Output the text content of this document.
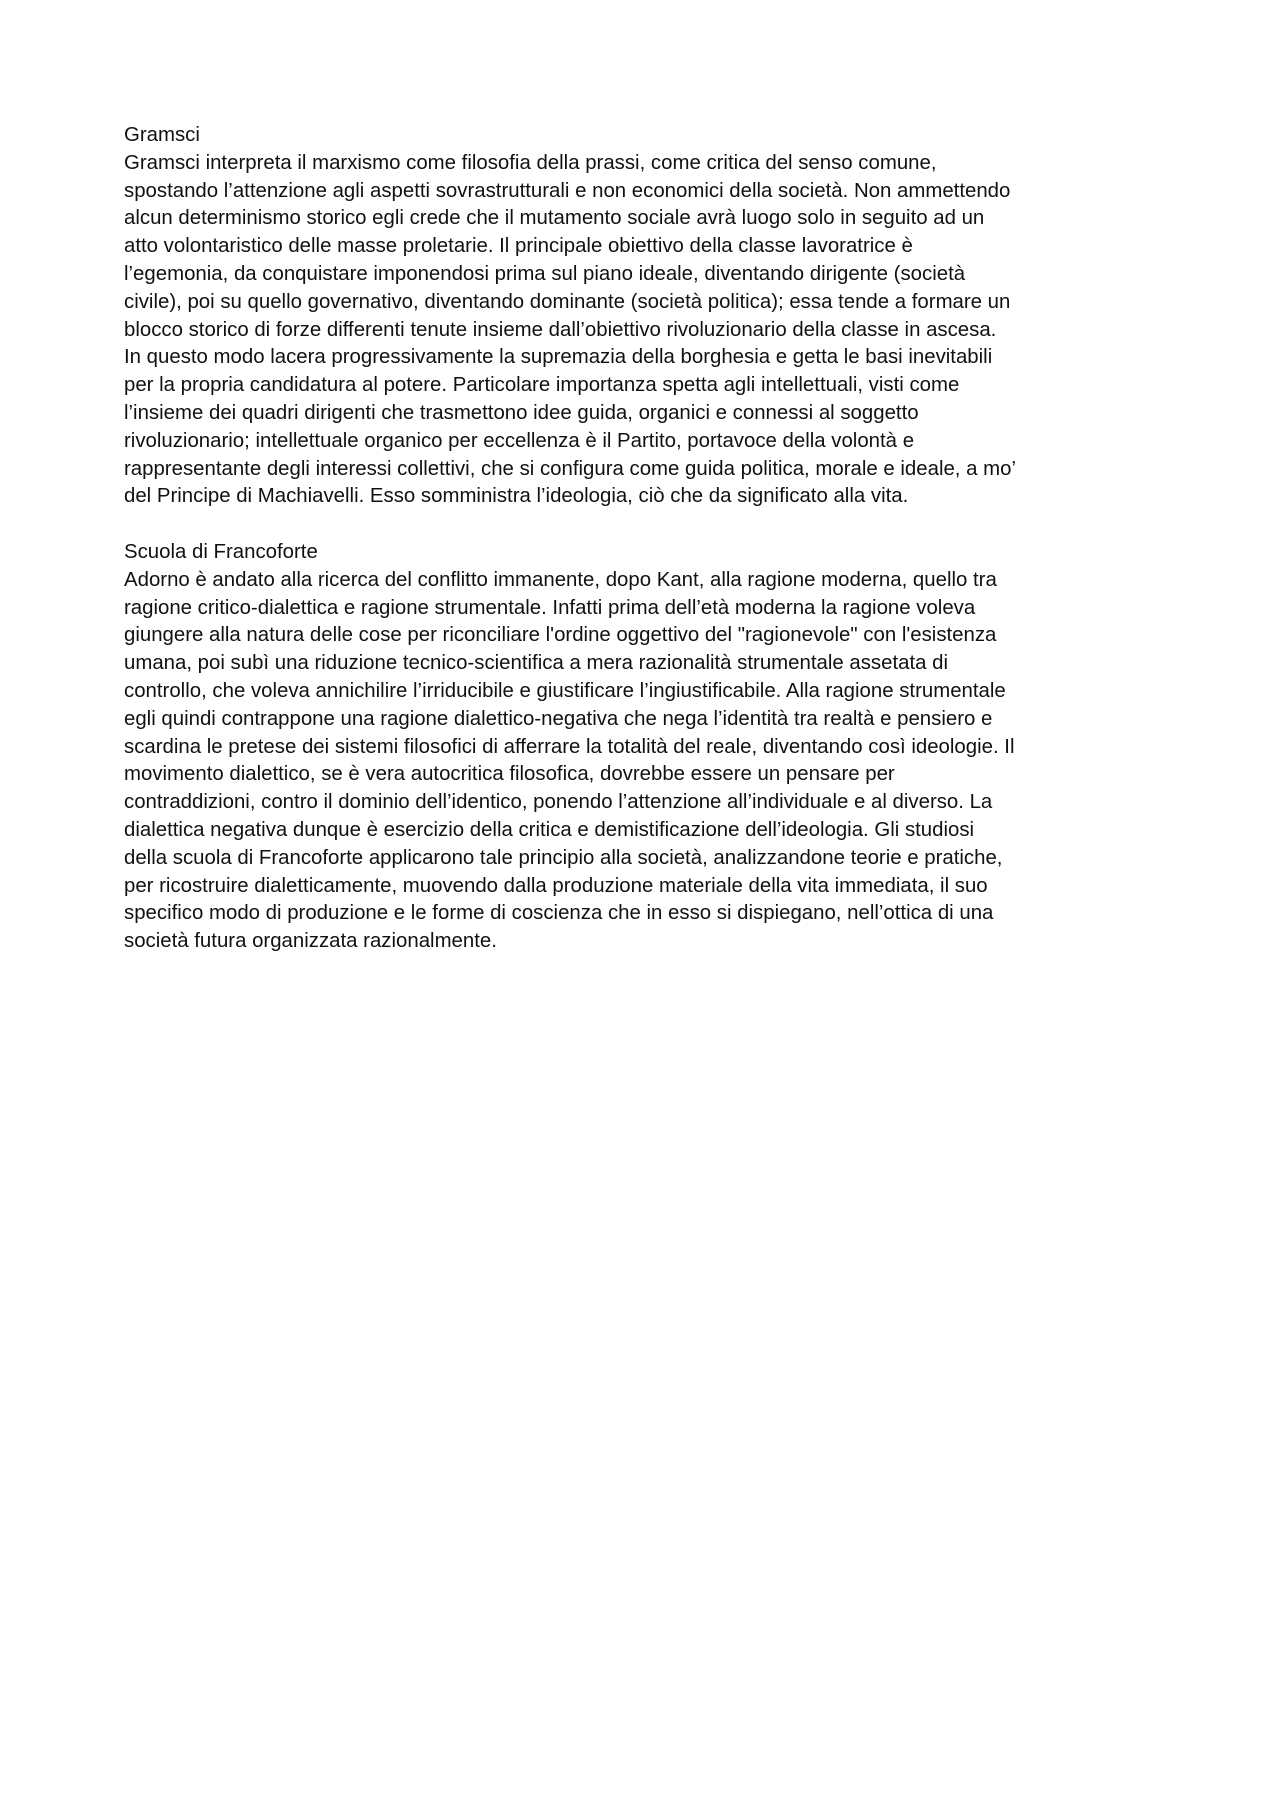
Gramsci
Gramsci interpreta il marxismo come filosofia della prassi, come critica del senso comune,
spostando l’attenzione agli aspetti sovrastrutturali e non economici della società. Non ammettendo
alcun determinismo storico egli crede che il mutamento sociale avrà luogo solo in seguito ad un
atto volontaristico delle masse proletarie. Il principale obiettivo della classe lavoratrice è
l’egemonia, da conquistare imponendosi prima sul piano ideale, diventando dirigente (società
civile), poi su quello governativo, diventando dominante (società politica); essa tende a formare un
blocco storico di forze differenti tenute insieme dall’obiettivo rivoluzionario della classe in ascesa.
In questo modo lacera progressivamente la supremazia della borghesia e getta le basi inevitabili
per la propria candidatura al potere. Particolare importanza spetta agli intellettuali, visti come
l’insieme dei quadri dirigenti che trasmettono idee guida, organici e connessi al soggetto
rivoluzionario; intellettuale organico per eccellenza è il Partito, portavoce della volontà e
rappresentante degli interessi collettivi, che si configura come guida politica, morale e ideale, a mo’
del Principe di Machiavelli. Esso somministra l’ideologia, ciò che da significato alla vita.
Scuola di Francoforte
Adorno è andato alla ricerca del conflitto immanente, dopo Kant, alla ragione moderna, quello tra
ragione critico-dialettica e ragione strumentale. Infatti prima dell’età moderna la ragione voleva
giungere alla natura delle cose per riconciliare l'ordine oggettivo del "ragionevole" con l'esistenza
umana, poi subì una riduzione tecnico-scientifica a mera razionalità strumentale assetata di
controllo, che voleva annichilire l’irriducibile e giustificare l’ingiustificabile. Alla ragione strumentale
egli quindi contrappone una ragione dialettico-negativa che nega l’identità tra realtà e pensiero e
scardina le pretese dei sistemi filosofici di afferrare la totalità del reale, diventando così ideologie. Il
movimento dialettico, se è vera autocritica filosofica, dovrebbe essere un pensare per
contraddizioni, contro il dominio dell’identico, ponendo l’attenzione all’individuale e al diverso. La
dialettica negativa dunque è esercizio della critica e demistificazione dell’ideologia. Gli studiosi
della scuola di Francoforte applicarono tale principio alla società, analizzandone teorie e pratiche,
per ricostruire dialetticamente, muovendo dalla produzione materiale della vita immediata, il suo
specifico modo di produzione e le forme di coscienza che in esso si dispiegano, nell’ottica di una
società futura organizzata razionalmente.
